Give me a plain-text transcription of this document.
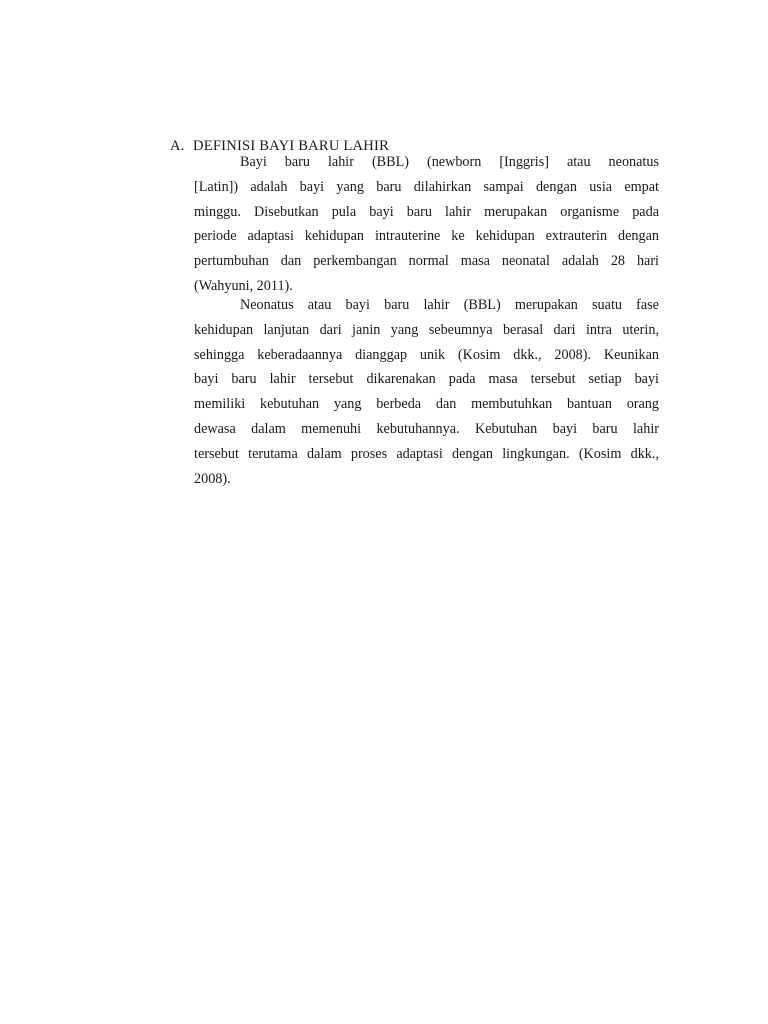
A. DEFINISI BAYI BARU LAHIR

Bayi baru lahir (BBL) (newborn [Inggris] atau neonatus
[Latin]) adalah bayi yang baru dilahirkan sampai dengan usia empat
minggu. Disebutkan pula bayi baru lahir merupakan organisme pada
periode adaptasi kehidupan intrauterine ke kehidupan extrauterin dengan
pertumbuhan dan perkembangan normal masa neonatal adalah 28 hari
(Wahyuni, 2011).

Neonatus atau bayi baru lahir (BBL) merupakan suatu fase
kehidupan lanjutan dari janin yang sebeumnya berasal dari intra uterin,
sehingga keberadaannya dianggap unik (Kosim dkk., 2008). Keunikan
bayi baru lahir tersebut dikarenakan pada masa tersebut setiap bayi
memiliki kebutuhan yang berbeda dan membutuhkan bantuan orang
dewasa dalam memenuhi kebutuhannya. Kebutuhan bayi baru lahir
tersebut terutama dalam proses adaptasi dengan lingkungan. (Kosim dkk.,
2008).
